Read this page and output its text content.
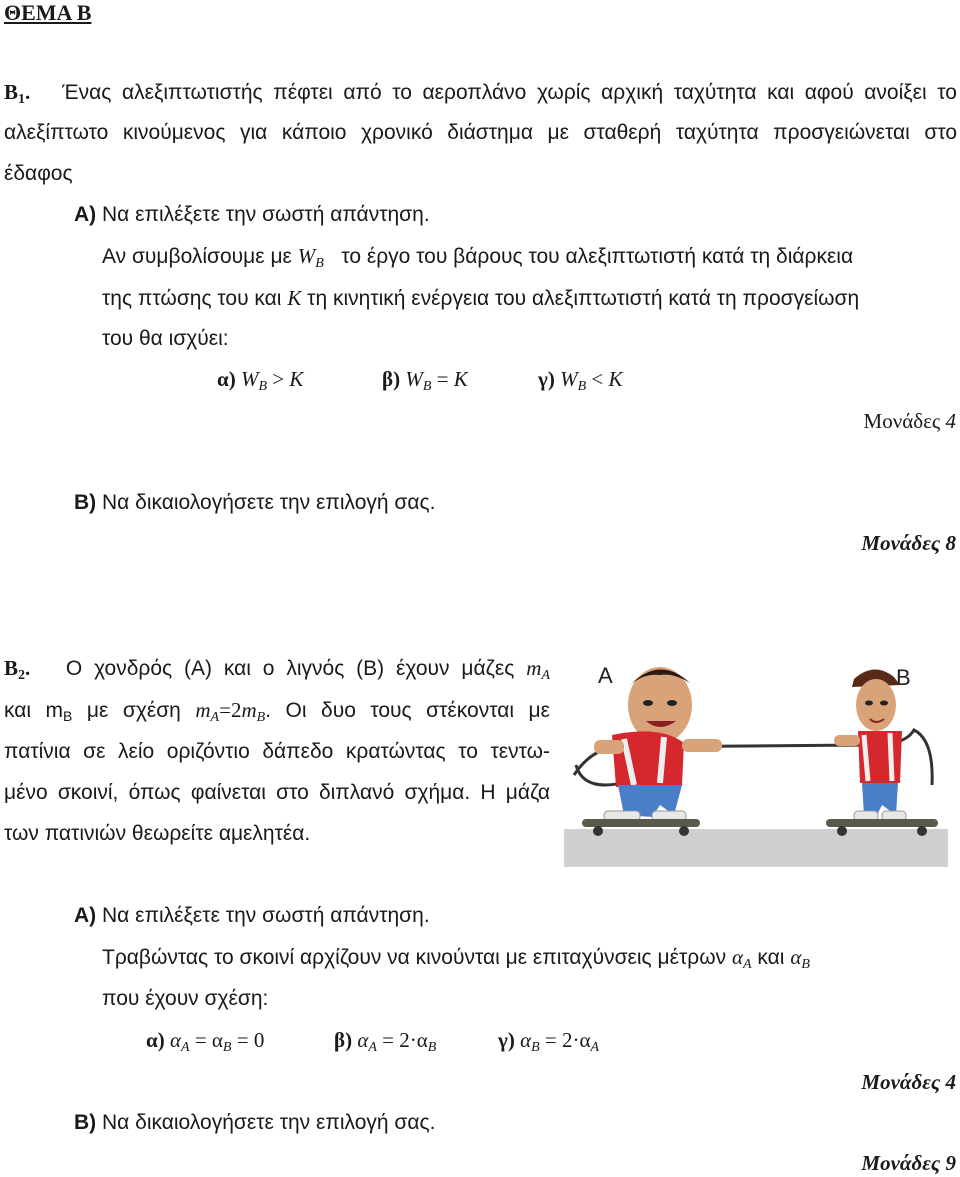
ΘΕΜΑ Β
$B_1$. Ένας αλεξιπτωτιστής πέφτει από το αεροπλάνο χωρίς αρχική ταχύτητα και αφού ανοίξει το
αλεξίπτωτο κινούμενος για κάποιο χρονικό διάστημα με σταθερή ταχύτητα προσγειώνεται στο
έδαφος
Α) Να επιλέξετε την σωστή απάντηση.
Αν συμβολίσουμε με $W_B$ το έργο του βάρους του αλεξιπτωτιστή κατά τη διάρκεια
της πτώσης του και K τη κινητική ενέργεια του αλεξιπτωτιστή κατά τη προσγείωση
του θα ισχύει:
α) $W_B > K$	β) $W_B = K$	γ) $W_B < K$
Μονάδες 4
Β) Να δικαιολογήσετε την επιλογή σας.
Μονάδες 8
$B_2$. Ο χονδρός (Α) και ο λιγνός (Β) έχουν μάζες $m_A$
και $m_B$ με σχέση $m_A=2m_B$. Οι δυο τους στέκονται με
πατίνια σε λείο οριζόντιο δάπεδο κρατώντας το τεντω-
μένο σκοινί, όπως φαίνεται στο διπλανό σχήμα. Η μάζα
των πατινιών θεωρείτε αμελητέα.
A	B
Α) Να επιλέξετε την σωστή απάντηση.
Τραβώντας το σκοινί αρχίζουν να κινούνται με επιταχύνσεις μέτρων $\alpha_A$ και $\alpha_B$
που έχουν σχέση:
α) $\alpha_A = \alpha_B = 0$	β) $\alpha_A = 2\cdot\alpha_B$	γ) $\alpha_B = 2\cdot\alpha_A$
Μονάδες 4
Β) Να δικαιολογήσετε την επιλογή σας.
Μονάδες 9
